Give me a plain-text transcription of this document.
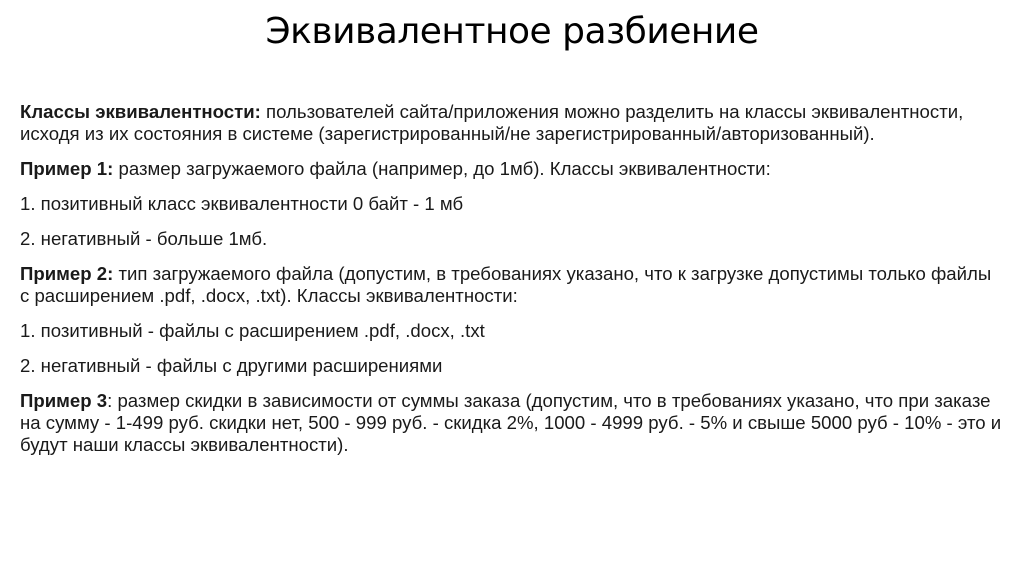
Эквивалентное разбиение

Классы эквивалентности: пользователей сайта/приложения можно разделить на классы эквивалентности, исходя из их состояния в системе (зарегистрированный/не зарегистрированный/авторизованный).

Пример 1: размер загружаемого файла (например, до 1мб). Классы эквивалентности:

1. позитивный класс эквивалентности 0 байт - 1 мб

2. негативный - больше 1мб.

Пример 2: тип загружаемого файла (допустим, в требованиях указано, что к загрузке допустимы только файлы с расширением .pdf, .docx, .txt). Классы эквивалентности:

1. позитивный - файлы с расширением .pdf, .docx, .txt

2. негативный - файлы с другими расширениями

Пример 3: размер скидки в зависимости от суммы заказа (допустим, что в требованиях указано, что при заказе на сумму - 1-499 руб. скидки нет, 500 - 999 руб. - скидка 2%, 1000 - 4999 руб. - 5% и свыше 5000 руб - 10% - это и будут наши классы эквивалентности).
